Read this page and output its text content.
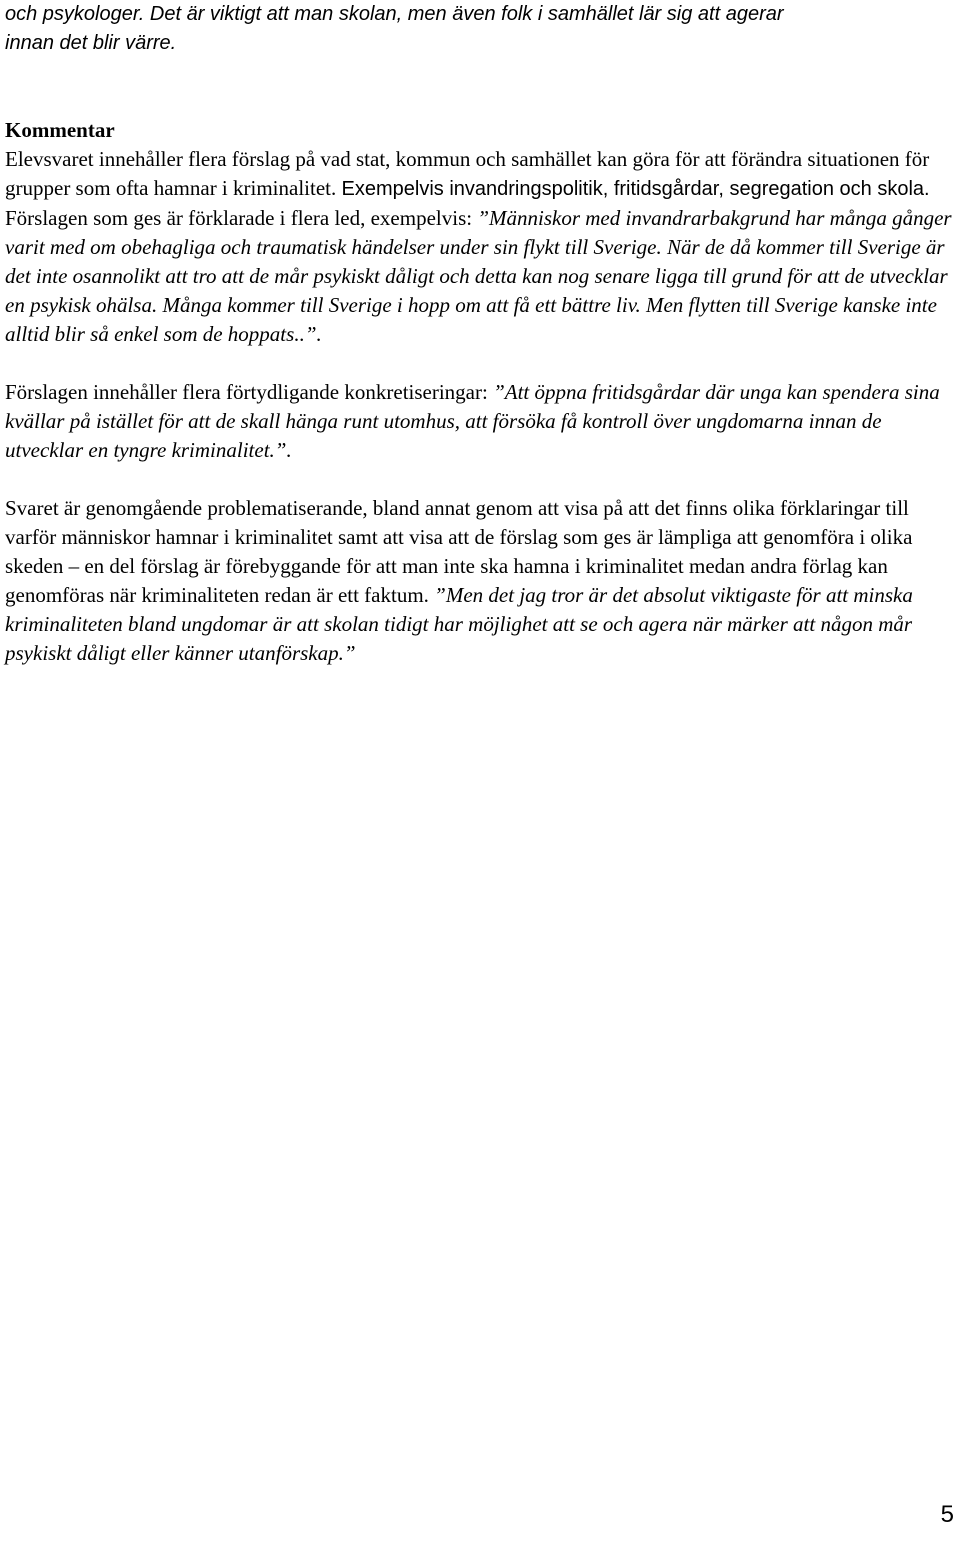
och psykologer. Det är viktigt att man skolan, men även folk i samhället lär sig att agerar
innan det blir värre.

Kommentar
Elevsvaret innehåller flera förslag på vad stat, kommun och samhället kan göra för att förändra situationen för grupper som ofta hamnar i kriminalitet. Exempelvis invandringspolitik, fritidsgårdar, segregation och skola. Förslagen som ges är förklarade i flera led, exempelvis: ”Människor med invandrarbakgrund har många gånger varit med om obehagliga och traumatisk händelser under sin flykt till Sverige. När de då kommer till Sverige är det inte osannolikt att tro att de mår psykiskt dåligt och detta kan nog senare ligga till grund för att de utvecklar en psykisk ohälsa. Många kommer till Sverige i hopp om att få ett bättre liv. Men flytten till Sverige kanske inte alltid blir så enkel som de hoppats..”.

Förslagen innehåller flera förtydligande konkretiseringar: ”Att öppna fritidsgårdar där unga kan spendera sina kvällar på istället för att de skall hänga runt utomhus, att försöka få kontroll över ungdomarna innan de utvecklar en tyngre kriminalitet.”.

Svaret är genomgående problematiserande, bland annat genom att visa på att det finns olika förklaringar till varför människor hamnar i kriminalitet samt att visa att de förslag som ges är lämpliga att genomföra i olika skeden – en del förslag är förebyggande för att man inte ska hamna i kriminalitet medan andra förlag kan genomföras när kriminaliteten redan är ett faktum. ”Men det jag tror är det absolut viktigaste för att minska kriminaliteten bland ungdomar är att skolan tidigt har möjlighet att se och agera när märker att någon mår psykiskt dåligt eller känner utanförskap.”

5
